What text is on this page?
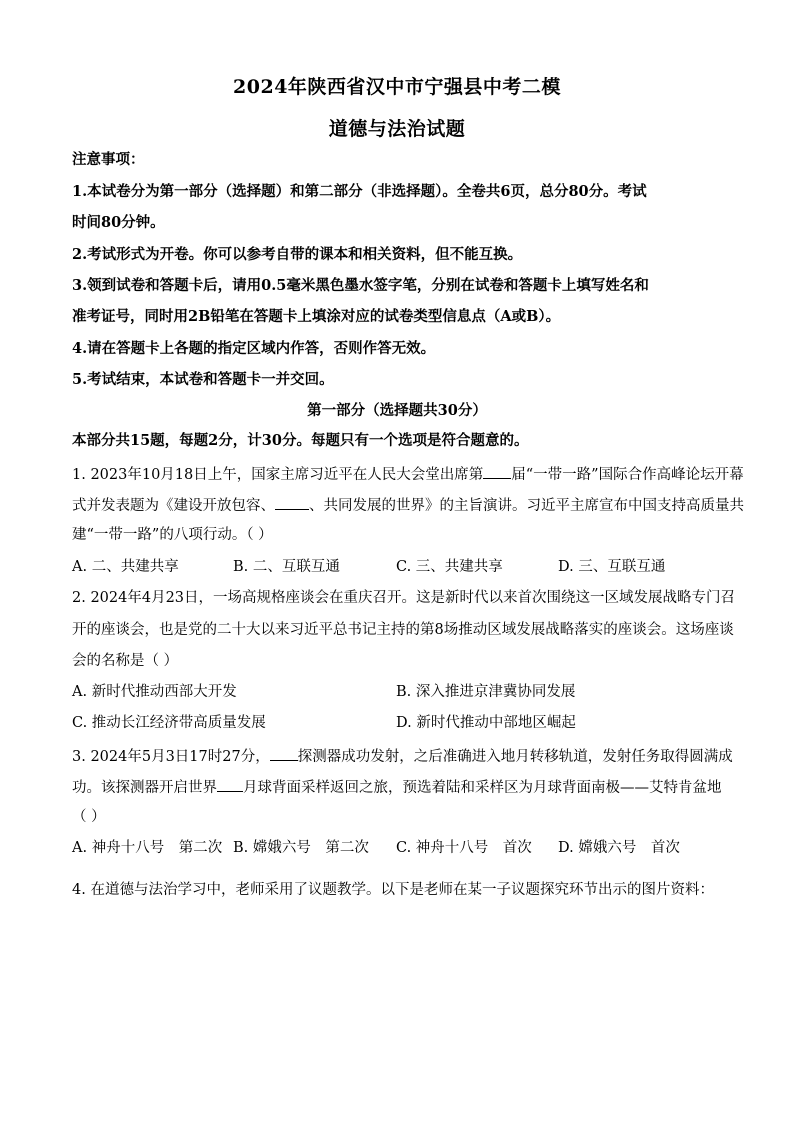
2024年陕西省汉中市宁强县中考二模
道德与法治试题
注意事项：
1.本试卷分为第一部分（选择题）和第二部分（非选择题）。全卷共6页，总分80分。考试
时间80分钟。
2.考试形式为开卷。你可以参考自带的课本和相关资料，但不能互换。
3.领到试卷和答题卡后，请用0.5毫米黑色墨水签字笔，分别在试卷和答题卡上填写姓名和
准考证号，同时用2B铅笔在答题卡上填涂对应的试卷类型信息点（A或B）。
4.请在答题卡上各题的指定区域内作答，否则作答无效。
5.考试结束，本试卷和答题卡一并交回。
第一部分（选择题共30分）
本部分共15题，每题2分，计30分。每题只有一个选项是符合题意的。
1. 2023年10月18日上午，国家主席习近平在人民大会堂出席第 届“一带一路”国际合作高峰论坛开幕
式并发表题为《建设开放包容、 、共同发展的世界》的主旨演讲。习近平主席宣布中国支持高质量共
建“一带一路”的八项行动。（ ）
A. 二、共建共享	B. 二、互联互通	C. 三、共建共享	D. 三、互联互通
2. 2024年4月23日，一场高规格座谈会在重庆召开。这是新时代以来首次围绕这一区域发展战略专门召
开的座谈会，也是党的二十大以来习近平总书记主持的第8场推动区域发展战略落实的座谈会。这场座谈
会的名称是（ ）
A. 新时代推动西部大开发	B. 深入推进京津冀协同发展
C. 推动长江经济带高质量发展	D. 新时代推动中部地区崛起
3. 2024年5月3日17时27分， 探测器成功发射，之后准确进入地月转移轨道，发射任务取得圆满成
功。该探测器开启世界 月球背面采样返回之旅，预选着陆和采样区为月球背面南极——艾特肯盆地
（ ）
A. 神舟十八号　第二次 B. 嫦娥六号　第二次 C. 神舟十八号　首次 D. 嫦娥六号　首次
4. 在道德与法治学习中，老师采用了议题教学。以下是老师在某一子议题探究环节出示的图片资料：
